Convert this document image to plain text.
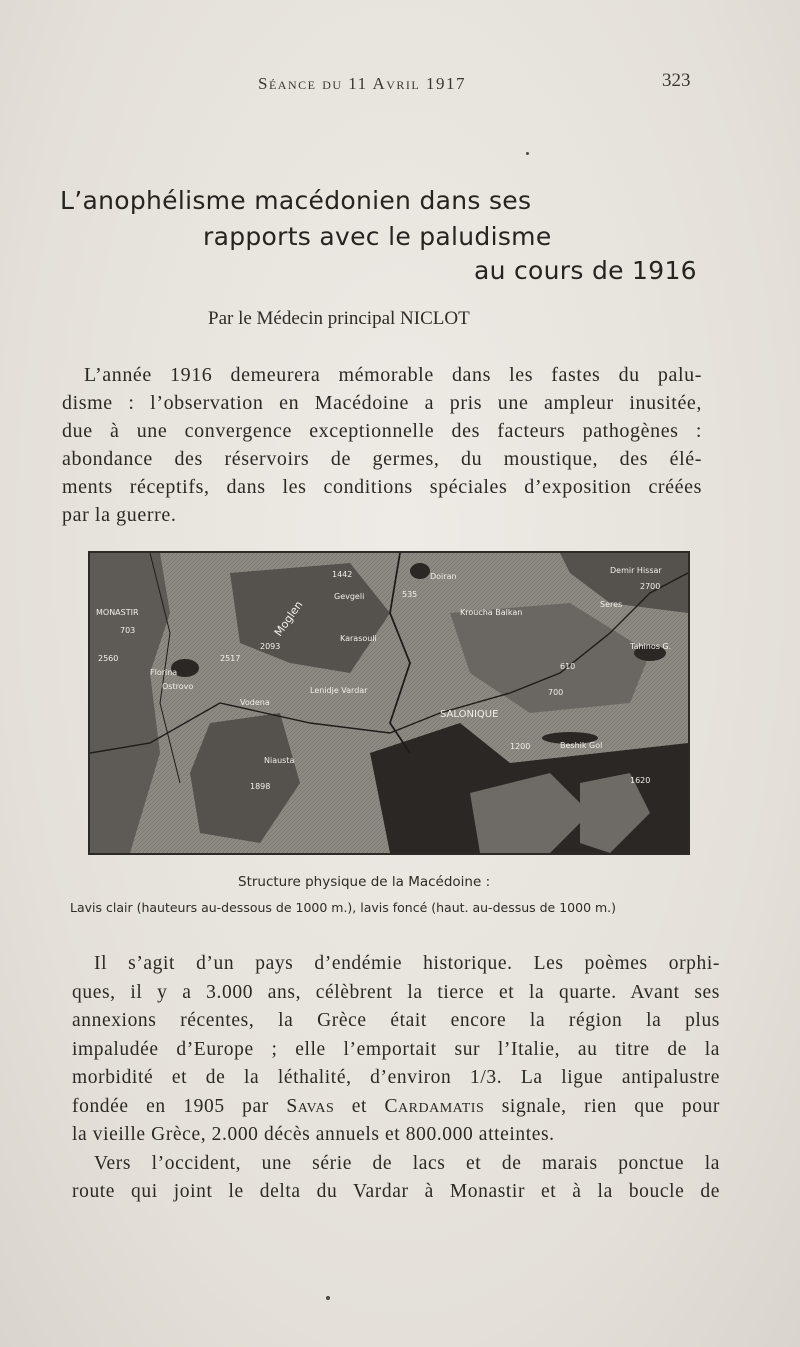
Séance du 11 Avril 1917	323
L’anophélisme macédonien dans ses
rapports avec le paludisme
au cours de 1916
Par le Médecin principal NICLOT
L’année 1916 demeurera mémorable dans les fastes du palu-
disme : l’observation en Macédoine a pris une ampleur inusitée,
due à une convergence exceptionnelle des facteurs pathogènes :
abondance des réservoirs de germes, du moustique, des élé-
ments réceptifs, dans les conditions spéciales d’exposition créées
par la guerre.
MONASTIR
703
2560
Florina
Ostrovo
2517
2093
Moglen
1442
Gevgeli	535
Doiran
Demir Hissar
2700
Seres
Kroucha Balkan
Karasouli
Tahinos G.
610
700
Vodena
Lenidje Vardar
SALONIQUE
Beshik Gol
1200
Niausta
1898
1620
Structure physique de la Macédoine :
Lavis clair (hauteurs au-dessous de 1000 m.), lavis foncé (haut. au-dessus de 1000 m.)
Il s’agit d’un pays d’endémie historique. Les poèmes orphi-
ques, il y a 3.000 ans, célèbrent la tierce et la quarte. Avant ses
annexions récentes, la Grèce était encore la région la plus
impaludée d’Europe ; elle l’emportait sur l’Italie, au titre de la
morbidité et de la léthalité, d’environ 1/3. La ligue antipalustre
fondée en 1905 par Savas et Cardamatis signale, rien que pour
la vieille Grèce, 2.000 décès annuels et 800.000 atteintes.
Vers l’occident, une série de lacs et de marais ponctue la
route qui joint le delta du Vardar à Monastir et à la boucle de
